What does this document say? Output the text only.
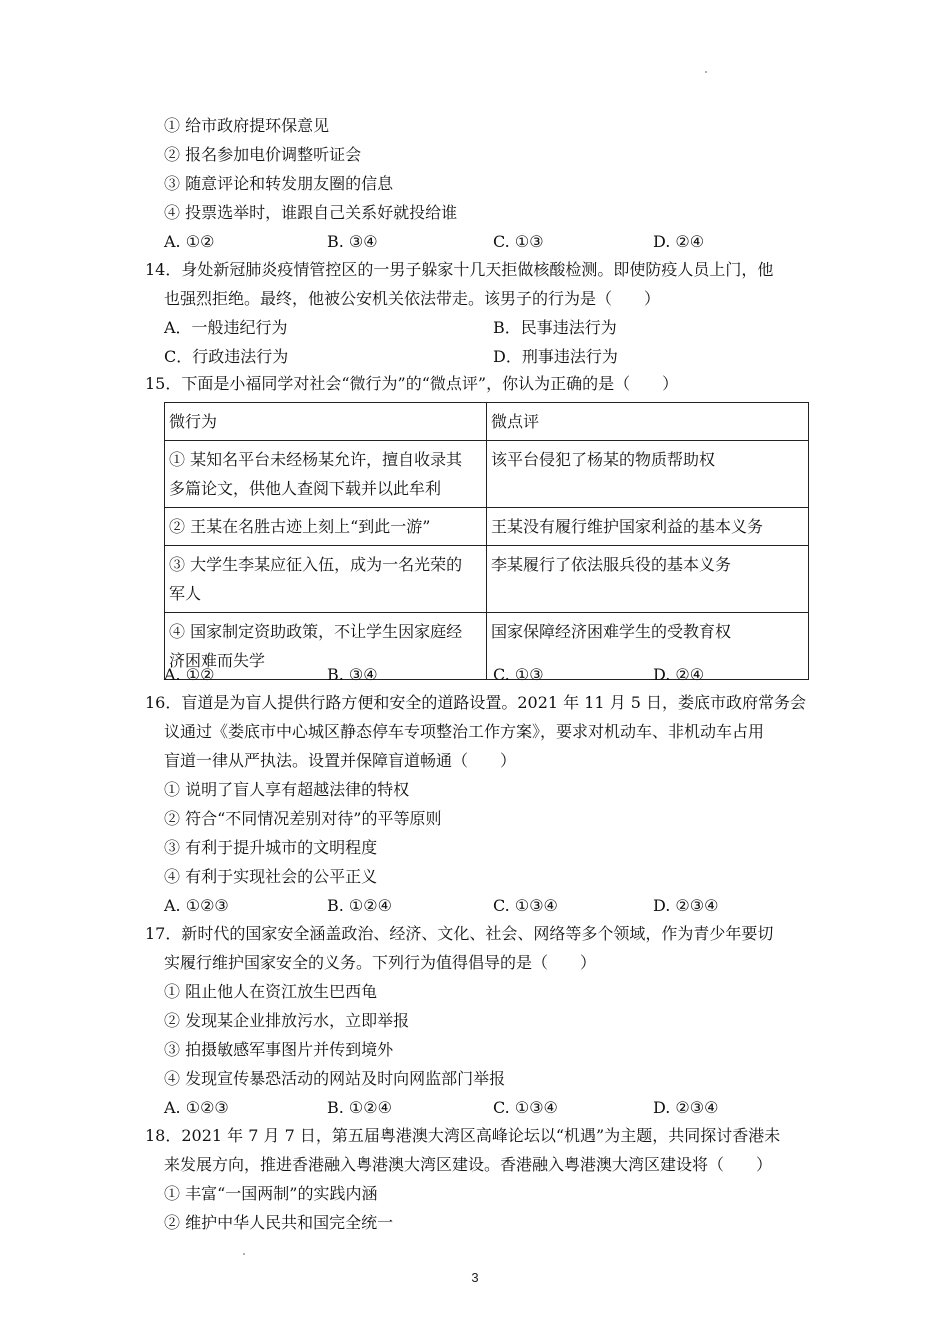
① 给市政府提环保意见
② 报名参加电价调整听证会
③ 随意评论和转发朋友圈的信息
④ 投票选举时，谁跟自己关系好就投给谁
A. ①②	B. ③④	C. ①③	D. ②④
14．身处新冠肺炎疫情管控区的一男子躲家十几天拒做核酸检测。即使防疫人员上门，他
也强烈拒绝。最终，他被公安机关依法带走。该男子的行为是（　　）
A．一般违纪行为	B．民事违法行为
C．行政违法行为	D．刑事违法行为
15．下面是小福同学对社会“微行为”的“微点评”，你认为正确的是（　　）
微行为	微点评

① 某知名平台未经杨某允许，擅自收录其
多篇论文，供他人查阅下载并以此牟利	该平台侵犯了杨某的物质帮助权

② 王某在名胜古迹上刻上“到此一游”	王某没有履行维护国家利益的基本义务

③ 大学生李某应征入伍，成为一名光荣的
军人	李某履行了依法服兵役的基本义务

④ 国家制定资助政策，不让学生因家庭经
济困难而失学	国家保障经济困难学生的受教育权
A. ①②	B. ③④	C. ①③	D. ②④
16．盲道是为盲人提供行路方便和安全的道路设置。2021 年 11 月 5 日，娄底市政府常务会
议通过《娄底市中心城区静态停车专项整治工作方案》，要求对机动车、非机动车占用
盲道一律从严执法。设置并保障盲道畅通（　　）
① 说明了盲人享有超越法律的特权
② 符合“不同情况差别对待”的平等原则
③ 有利于提升城市的文明程度
④ 有利于实现社会的公平正义
A. ①②③	B. ①②④	C. ①③④	D. ②③④
17．新时代的国家安全涵盖政治、经济、文化、社会、网络等多个领域，作为青少年要切
实履行维护国家安全的义务。下列行为值得倡导的是（　　）
① 阻止他人在资江放生巴西龟
② 发现某企业排放污水，立即举报
③ 拍摄敏感军事图片并传到境外
④ 发现宣传暴恐活动的网站及时向网监部门举报
A. ①②③	B. ①②④	C. ①③④	D. ②③④
18．2021 年 7 月 7 日，第五届粤港澳大湾区高峰论坛以“机遇”为主题，共同探讨香港未
来发展方向，推进香港融入粤港澳大湾区建设。香港融入粤港澳大湾区建设将（　　）
① 丰富“一国两制”的实践内涵
② 维护中华人民共和国完全统一
3
